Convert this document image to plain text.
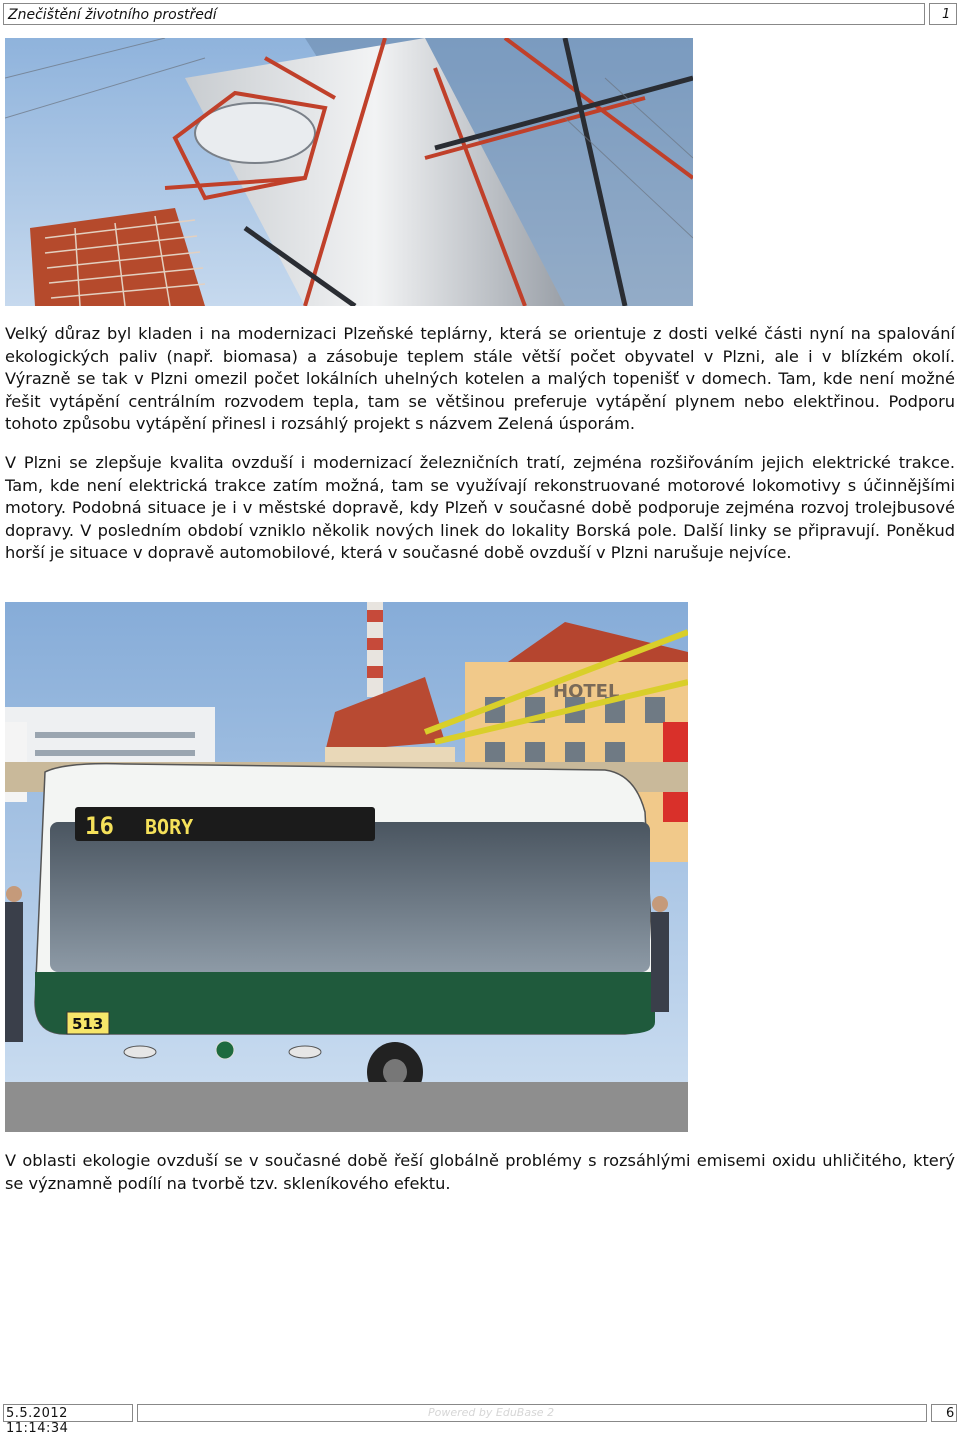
Znečištění životního prostředí	1

Velký důraz byl kladen i na modernizaci Plzeňské teplárny, která se orientuje z dosti velké části nyní na spalování ekologických paliv (např. biomasa) a zásobuje teplem stále větší počet obyvatel v Plzni, ale i v blízkém okolí. Výrazně se tak v Plzni omezil počet lokálních uhelných kotelen a malých topenišť v domech. Tam, kde není možné řešit vytápění centrálním rozvodem tepla, tam se většinou preferuje vytápění plynem nebo elektřinou. Podporu tohoto způsobu vytápění přinesl i rozsáhlý projekt s názvem Zelená úsporám.

V Plzni se zlepšuje kvalita ovzduší i modernizací železničních tratí, zejména rozšiřováním jejich elektrické trakce. Tam, kde není elektrická trakce zatím možná, tam se využívají rekonstruované motorové lokomotivy s účinnějšími motory. Podobná situace je i v městské dopravě, kdy Plzeň v současné době podporuje zejména rozvoj trolejbusové dopravy. V posledním období vzniklo několik nových linek do lokality Borská pole. Další linky se připravují. Poněkud horší je situace v dopravě automobilové, která v současné době ovzduší v Plzni narušuje nejvíce.

HOTEL
16 BORY
513

V oblasti ekologie ovzduší se v současné době řeší globálně problémy s rozsáhlými emisemi oxidu uhličitého, který se významně podílí na tvorbě tzv. skleníkového efektu.

5.5.2012 11:14:34
Powered by EduBase 2	6
